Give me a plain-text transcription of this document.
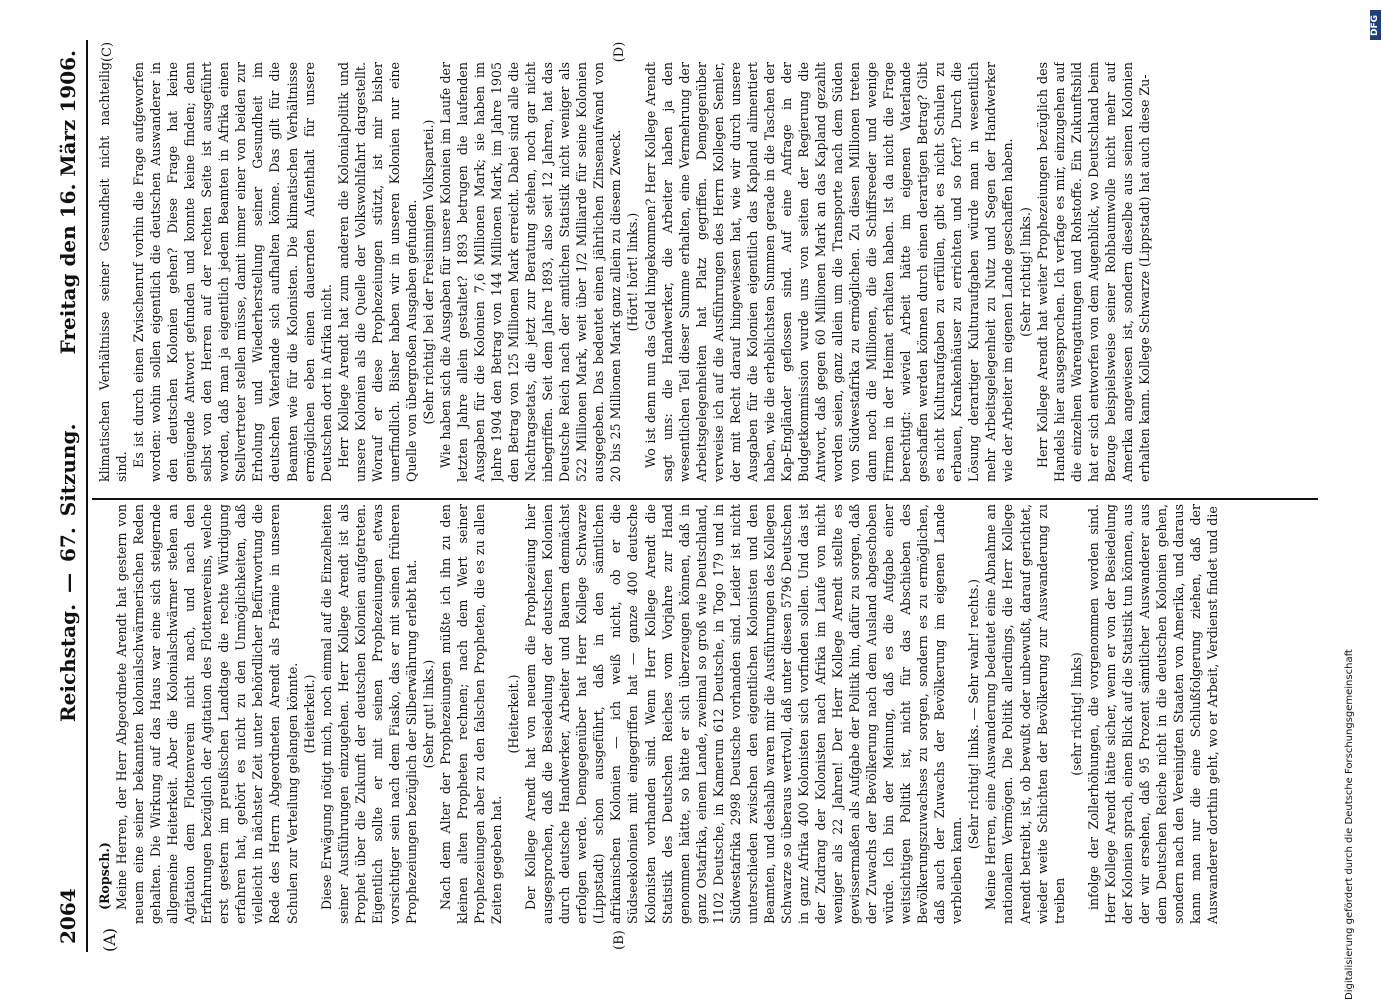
2064
Reichstag. — 67. Sitzung.
Freitag den 16. März 1906.
(A)	(B)
(C)	(D)

(Ropsch.) Meine Herren, der Herr Abgeordnete Arendt hat gestern von neuem eine seiner bekannten kolonialschwärmerischen Reden gehalten. Die Wirkung auf das Haus war eine sich steigernde allgemeine Heiterkeit. Aber die Kolonialschwärmer stehen an Agitation dem Flottenverein nicht nach, und nach den Erfahrungen bezüglich der Agitation des Flottenvereins, welche erst gestern im preußischen Landtage die rechte Würdigung erfahren hat, gehört es nicht zu den Unmöglichkeiten, daß vielleicht in nächster Zeit unter behördlicher Befürwortung die Rede des Herrn Abgeordneten Arendt als Prämie in unseren Schulen zur Verteilung gelangen könnte. (Heiterkeit.) Diese Erwägung nötigt mich, noch einmal auf die Einzelheiten seiner Ausführungen einzugehen. Herr Kollege Arendt ist als Prophet über die Zukunft der deutschen Kolonien aufgetreten. Eigentlich sollte er mit seinen Prophezeiungen etwas vorsichtiger sein nach dem Fiasko, das er mit seinen früheren Prophezeiungen bezüglich der Silberwährung erlebt hat. (Sehr gut! links.) Nach dem Alter der Prophezeiungen müßte ich ihn zu den kleinen alten Propheten rechnen; nach dem Wert seiner Prophezeiungen aber zu den falschen Propheten, die es zu allen Zeiten gegeben hat.

(Heiterkeit.) Der Kollege Arendt hat von neuem die Prophezeiung hier ausgesprochen, daß die Besiedelung der deutschen Kolonien durch deutsche Handwerker, Arbeiter und Bauern demnächst erfolgen werde. Demgegenüber hat Herr Kollege Schwarze (Lippstadt) schon ausgeführt, daß in den sämtlichen afrikanischen Kolonien — ich weiß nicht, ob er die Südseekolonien mit eingegriffen hat — ganze 400 deutsche Kolonisten vorhanden sind. Wenn Herr Kollege Arendt die Statistik des Deutschen Reiches vom Vorjahre zur Hand genommen hätte, so hätte er sich überzeugen können, daß in ganz Ostafrika, einem Lande, zweimal so groß wie Deutschland, 1102 Deutsche, in Kamerun 612 Deutsche, in Togo 179 und in Südwestafrika 2998 Deutsche vorhanden sind. Leider ist nicht unterschieden zwischen den eigentlichen Kolonisten und den Beamten, und deshalb waren mir die Ausführungen des Kollegen Schwarze so überaus wertvoll, daß unter diesen 5796 Deutschen in ganz Afrika 400 Kolonisten sich vorfinden sollen. Und das ist der Zudrang der Kolonisten nach Afrika im Laufe von nicht weniger als 22 Jahren! Der Herr Kollege Arendt stellte es gewissermaßen als Aufgabe der Politik hin, dafür zu sorgen, daß der Zuwachs der Bevölkerung nach dem Ausland abgeschoben würde. Ich bin der Meinung, daß es die Aufgabe einer weitsichtigen Politik ist, nicht für das Abschieben des Bevölkerungszuwachses zu sorgen, sondern es zu ermöglichen, daß auch der Zuwachs der Bevölkerung im eigenen Lande verbleiben kann.

(Sehr richtig! links. — Sehr wahr! rechts.) Meine Herren, eine Auswanderung bedeutet eine Abnahme an nationalem Vermögen. Die Politik allerdings, die Herr Kollege Arendt betreibt, ist, ob bewußt oder unbewußt, darauf gerichtet, wieder weite Schichten der Bevölkerung zur Auswanderung zu treiben

(sehr richtig! links) infolge der Zollerhöhungen, die vorgenommen worden sind. Herr Kollege Arendt hätte sicher, wenn er von der Besiedelung der Kolonien sprach, einen Blick auf die Statistik tun können, aus der wir ersehen, daß 95 Prozent sämtlicher Auswanderer aus dem Deutschen Reiche nicht in die deutschen Kolonien gehen, sondern nach den Vereinigten Staaten von Amerika, und daraus kann man nur die eine Schlußfolgerung ziehen, daß der Auswanderer dorthin geht, wo er Arbeit, Verdienst findet und die

klimatischen Verhältnisse seiner Gesundheit nicht nachteilig sind. Es ist durch einen Zwischenruf vorhin die Frage aufgeworfen worden: wohin sollen eigentlich die deutschen Auswanderer in den deutschen Kolonien gehen? Diese Frage hat keine genügende Antwort gefunden und konnte keine finden; denn selbst von den Herren auf der rechten Seite ist ausgeführt worden, daß man ja eigentlich jedem Beamten in Afrika einen Stellvertreter stellen müsse, damit immer einer von beiden zur Erholung und Wiederherstellung seiner Gesundheit im deutschen Vaterlande sich aufhalten könne. Das gilt für die Beamten wie für die Kolonisten. Die klimatischen Verhältnisse ermöglichen eben einen dauernden Aufenthalt für unsere Deutschen dort in Afrika nicht. Herr Kollege Arendt hat zum anderen die Kolonialpolitik und unsere Kolonien als die Quelle der Volkswohlfahrt dargestellt. Worauf er diese Prophezeiungen stützt, ist mir bisher unerfindlich. Bisher haben wir in unseren Kolonien nur eine Quelle von übergroßen Ausgaben gefunden. (Sehr richtig! bei der Freisinnigen Volkspartei.) Wie haben sich die Ausgaben für unsere Kolonien im Laufe der letzten Jahre allein gestaltet? 1893 betrugen die laufenden Ausgaben für die Kolonien 7,6 Millionen Mark; sie haben im Jahre 1904 den Betrag von 144 Millionen Mark, im Jahre 1905 den Betrag von 125 Millionen Mark erreicht. Dabei sind alle die Nachtragsetats, die jetzt zur Beratung stehen, noch gar nicht inbegriffen. Seit dem Jahre 1893, also seit 12 Jahren, hat das Deutsche Reich nach der amtlichen Statistik nicht weniger als 522 Millionen Mark, weit über 1/2 Milliarde für seine Kolonien ausgegeben. Das bedeutet einen jährlichen Zinsenaufwand von 20 bis 25 Millionen Mark ganz allein zu diesem Zweck. (Hört! hört! links.) Wo ist denn nun das Geld hingekommen? Herr Kollege Arendt sagt uns: die Handwerker, die Arbeiter haben ja den wesentlichen Teil dieser Summe erhalten, eine Vermehrung der Arbeitsgelegenheiten hat Platz gegriffen. Demgegenüber verweise ich auf die Ausführungen des Herrn Kollegen Semler, der mit Recht darauf hingewiesen hat, wie wir durch unsere Ausgaben für die Kolonien eigentlich das Kapland alimentiert haben, wie die erheblichsten Summen gerade in die Taschen der Kap-Engländer geflossen sind. Auf eine Anfrage in der Budgetkommission wurde uns von seiten der Regierung die Antwort, daß gegen 60 Millionen Mark an das Kapland gezahlt worden seien, ganz allein um die Transporte nach dem Süden von Südwestafrika zu ermöglichen. Zu diesen Millionen treten dann noch die Millionen, die die Schiffsreeder und wenige Firmen in der Heimat erhalten haben. Ist da nicht die Frage berechtigt: wieviel Arbeit hätte im eigenen Vaterlande geschaffen werden können durch einen derartigen Betrag? Gibt es nicht Kulturaufgaben zu erfüllen, gibt es nicht Schulen zu erbauen, Krankenhäuser zu errichten und so fort? Durch die Lösung derartiger Kulturaufgaben würde man in wesentlich mehr Arbeitsgelegenheit zu Nutz und Segen der Handwerker wie der Arbeiter im eigenen Lande geschaffen haben. (Sehr richtig! links.) Herr Kollege Arendt hat weiter Prophezeiungen bezüglich des Handels hier ausgesprochen. Ich verfage es mir, einzugehen auf die einzelnen Warengattungen und Rohstoffe. Ein Zukunftsbild hat er sich entworfen von dem Augenblick, wo Deutschland beim Bezuge beispielsweise seiner Rohbaumwolle nicht mehr auf Amerika angewiesen ist, sondern dieselbe aus seinen Kolonien erhalten kann. Kollege Schwarze (Lippstadt) hat auch diese Zu-

Digitalisierung gefördert durch die Deutsche Forschungsgemeinschaft
DFG
